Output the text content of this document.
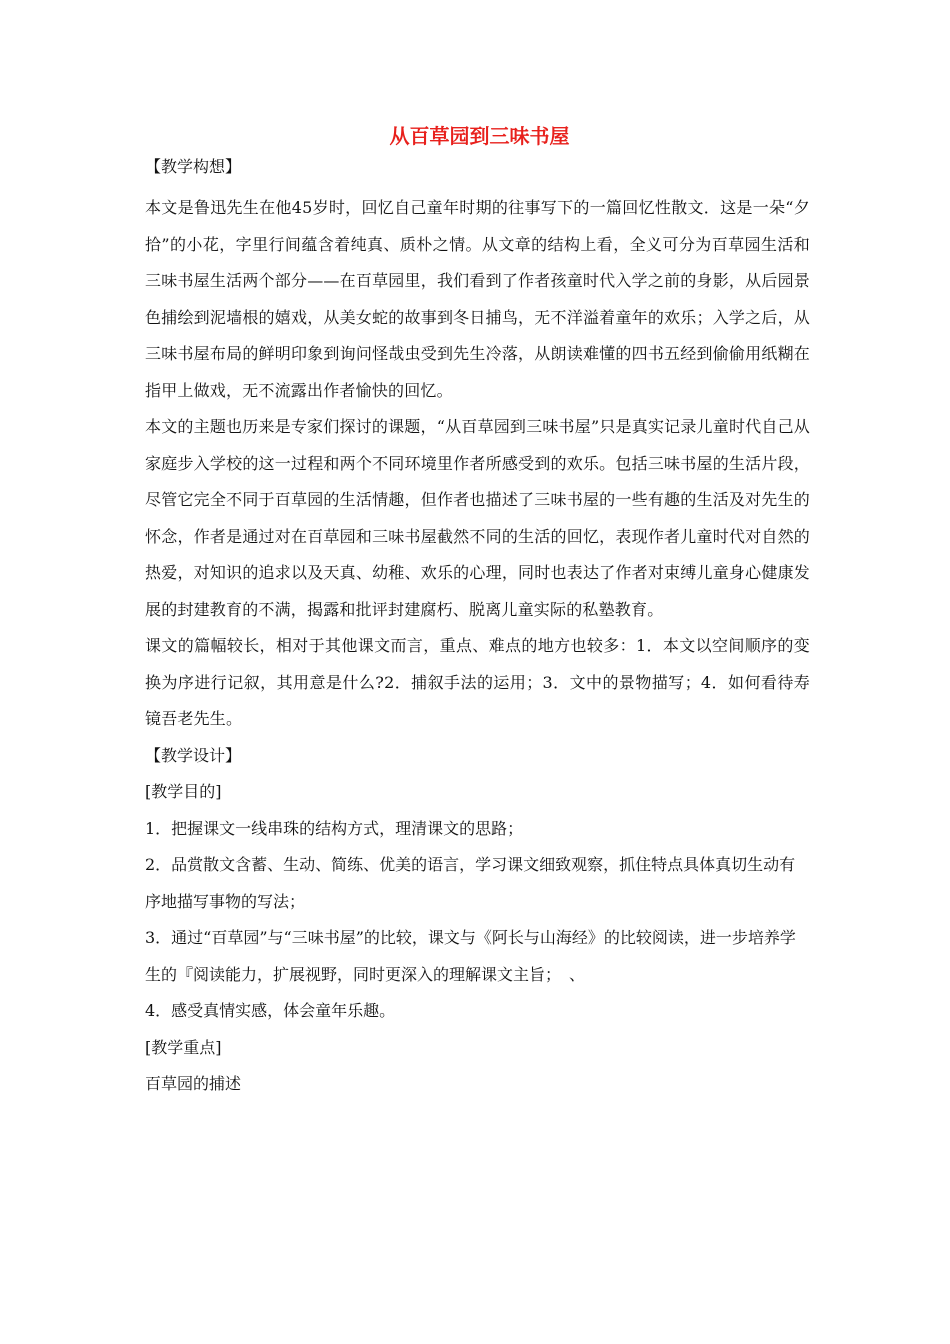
从百草园到三味书屋

【教学构想】

本文是鲁迅先生在他45岁时，回忆自己童年时期的往事写下的一篇回忆性散文．这是一朵“夕拾”的小花，字里行间蕴含着纯真、质朴之情。从文章的结构上看，全义可分为百草园生活和三味书屋生活两个部分——在百草园里，我们看到了作者孩童时代入学之前的身影，从后园景色捕绘到泥墙根的嬉戏，从美女蛇的故事到冬日捕鸟，无不洋溢着童年的欢乐；入学之后，从三味书屋布局的鲜明印象到询问怪哉虫受到先生冷落，从朗读难懂的四书五经到偷偷用纸糊在指甲上做戏，无不流露出作者愉快的回忆。

本文的主题也历来是专家们探讨的课题，“从百草园到三味书屋”只是真实记录儿童时代自己从家庭步入学校的这一过程和两个不同环境里作者所感受到的欢乐。包括三味书屋的生活片段，尽管它完全不同于百草园的生活情趣，但作者也描述了三味书屋的一些有趣的生活及对先生的怀念，作者是通过对在百草园和三味书屋截然不同的生活的回忆，表现作者儿童时代对自然的热爱，对知识的追求以及天真、幼稚、欢乐的心理，同时也表达了作者对束缚儿童身心健康发展的封建教育的不满，揭露和批评封建腐朽、脱离儿童实际的私塾教育。

课文的篇幅较长，相对于其他课文而言，重点、难点的地方也较多：1．本文以空间顺序的变换为序进行记叙，其用意是什么?2．捕叙手法的运用；3．文中的景物描写；4．如何看待寿镜吾老先生。

【教学设计】

[教学目的]

1．把握课文一线串珠的结构方式，理清课文的思路；

2．品赏散文含蓄、生动、简练、优美的语言，学习课文细致观察，抓住特点具体真切生动有序地描写事物的写法；

3．通过“百草园”与“三味书屋”的比较，课文与《阿长与山海经》的比较阅读，进一步培养学生的『阅读能力，扩展视野，同时更深入的理解课文主旨；　、

4．感受真情实感，体会童年乐趣。

[教学重点]

百草园的捕述
